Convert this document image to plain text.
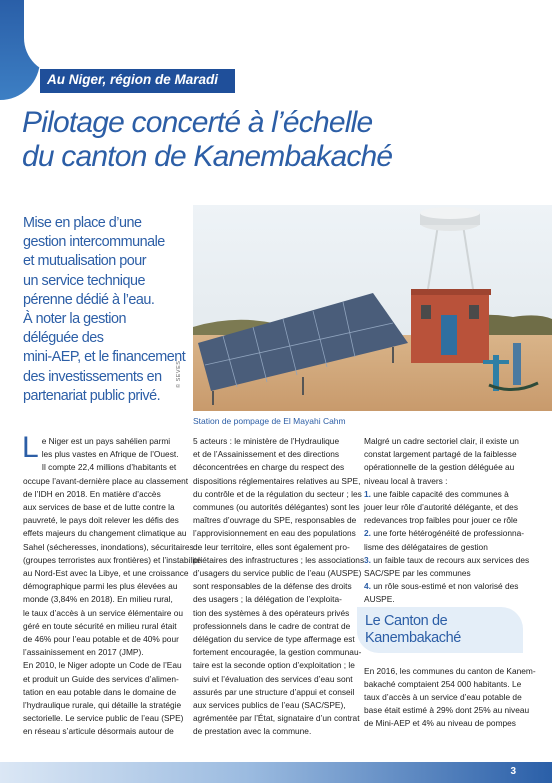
Au Niger, région de Maradi
Pilotage concerté à l’échelle
du canton de Kanembakaché
Mise en place d’une
gestion intercommunale
et mutualisation pour
un service technique
pérenne dédié à l’eau.
À noter la gestion
déléguée des
mini-AEP, et le financement
des investissements en
partenariat public privé.
© SEVES
Station de pompage de El Mayahi Cahm
L e Niger est un pays sahélien parmi
les plus vastes en Afrique de l’Ouest.
Il compte 22,4 millions d’habitants et
occupe l’avant-dernière place au classement
de l’IDH en 2018. En matière d’accès
aux services de base et de lutte contre la
pauvreté, le pays doit relever les défis des
effets majeurs du changement climatique au
Sahel (sécheresses, inondations), sécuritaires
(groupes terroristes aux frontières) et l’instabilité
au Nord-Est avec la Libye, et une croissance
démographique parmi les plus élevées au
monde (3,84% en 2018). En milieu rural,
le taux d’accès à un service élémentaire ou
géré en toute sécurité en milieu rural était
de 46% pour l’eau potable et de 40% pour
l’assainissement en 2017 (JMP).
En 2010, le Niger adopte un Code de l’Eau
et produit un Guide des services d’alimen-
tation en eau potable dans le domaine de
l’hydraulique rurale, qui détaille la stratégie
sectorielle. Le service public de l’eau (SPE)
en réseau s’articule désormais autour de
5 acteurs : le ministère de l’Hydraulique
et de l’Assainissement et des directions
déconcentrées en charge du respect des
dispositions réglementaires relatives au SPE,
du contrôle et de la régulation du secteur ; les
communes (ou autorités délégantes) sont les
maîtres d’ouvrage du SPE, responsables de
l’approvisionnement en eau des populations
de leur territoire, elles sont également pro-
priétaires des infrastructures ; les associations
d’usagers du service public de l’eau (AUSPE)
sont responsables de la défense des droits
des usagers ; la délégation de l’exploita-
tion des systèmes à des opérateurs privés
professionnels dans le cadre de contrat de
délégation du service de type affermage est
fortement encouragée, la gestion communau-
taire est la seconde option d’exploitation ; le
suivi et l’évaluation des services d’eau sont
assurés par une structure d’appui et conseil
aux services publics de l’eau (SAC/SPE),
agrémentée par l’État, signataire d’un contrat
de prestation avec la commune.
Malgré un cadre sectoriel clair, il existe un
constat largement partagé de la faiblesse
opérationnelle de la gestion déléguée au
niveau local à travers :
1. une faible capacité des communes à
jouer leur rôle d’autorité délégante, et des
redevances trop faibles pour jouer ce rôle
2. une forte hétérogénéité de professionna-
lisme des délégataires de gestion
3. un faible taux de recours aux services des
SAC/SPE par les communes
4. un rôle sous-estimé et non valorisé des
AUSPE.
En 2016, les communes du canton de Kanem-
bakaché comptaient 254 000 habitants. Le
taux d’accès à un service d’eau potable de
base était estimé à 29% dont 25% au niveau
de Mini-AEP et 4% au niveau de pompes
Le Canton de
Kanembakaché
3
